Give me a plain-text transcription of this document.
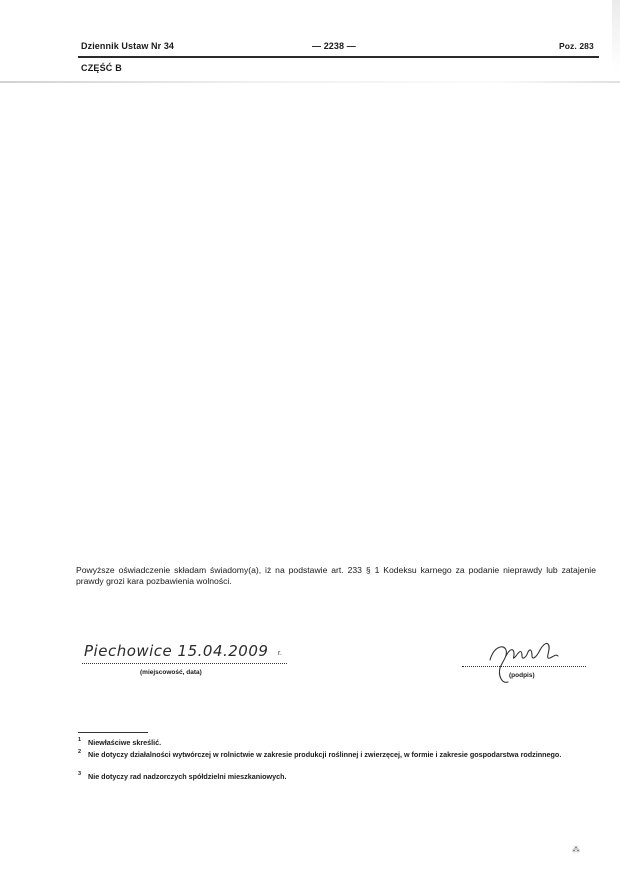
Dziennik Ustaw Nr 34	— 2238 —	Poz. 283
CZĘŚĆ B
Powyższe oświadczenie składam świadomy(a), iż na podstawie art. 233 § 1 Kodeksu karnego za podanie nieprawdy lub zatajenie prawdy grozi kara pozbawienia wolności.
Piechowice 15.04.2009 r.
(miejscowość, data)	(podpis)
1 Niewłaściwe skreślić.
2 Nie dotyczy działalności wytwórczej w rolnictwie w zakresie produkcji roślinnej i zwierzęcej, w formie i zakresie gospodarstwa rodzinnego.
3 Nie dotyczy rad nadzorczych spółdzielni mieszkaniowych.
⁂
